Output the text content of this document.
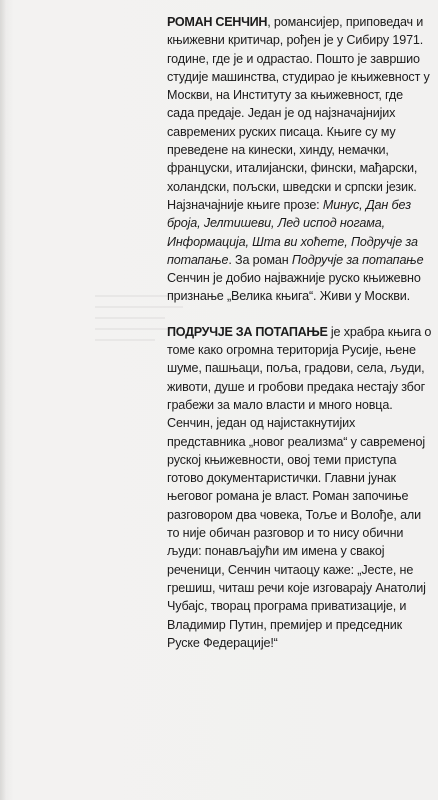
РОМАН СЕНЧИН, романсијер, приповедач и књижевни критичар, рођен је у Сибиру 1971. године, где је и одрастао. Пошто је завршио студије машинства, студирао је књижевност у Москви, на Институту за књижевност, где сада предаје. Један је од најзначајнијих савремених руских писаца. Књиге су му преведене на кинески, хинду, немачки, француски, италијански, фински, мађарски, холандски, пољски, шведски и српски језик. Најзначајније књиге прозе: Минус, Дан без броја, Јелтишеви, Лед испод ногама, Информација, Шта ви хоћете, Подручје за потапање. За роман Подручје за потапање Сенчин је добио најважније руско књижевно признање „Велика књига“. Живи у Москви.

ПОДРУЧЈЕ ЗА ПОТАПАЊЕ је храбра књига о томе како огромна територија Русије, њене шуме, пашњаци, поља, градови, села, људи, животи, душе и гробови предака нестају због грабежи за мало власти и много новца. Сенчин, један од најистакнутијих представника „новог реализма“ у савременој руској књижевности, овој теми приступа готово документаристички. Главни јунак његовог романа је власт. Роман започиње разговором два човека, Тоље и Волође, али то није обичан разговор и то нису обични људи: понављајући им имена у свакој реченици, Сенчин читаоцу каже: „Јесте, не грешиш, читаш речи које изговарају Анатолиј Чубајс, творац програма приватизације, и Владимир Путин, премијер и председник Руске Федерације!“
